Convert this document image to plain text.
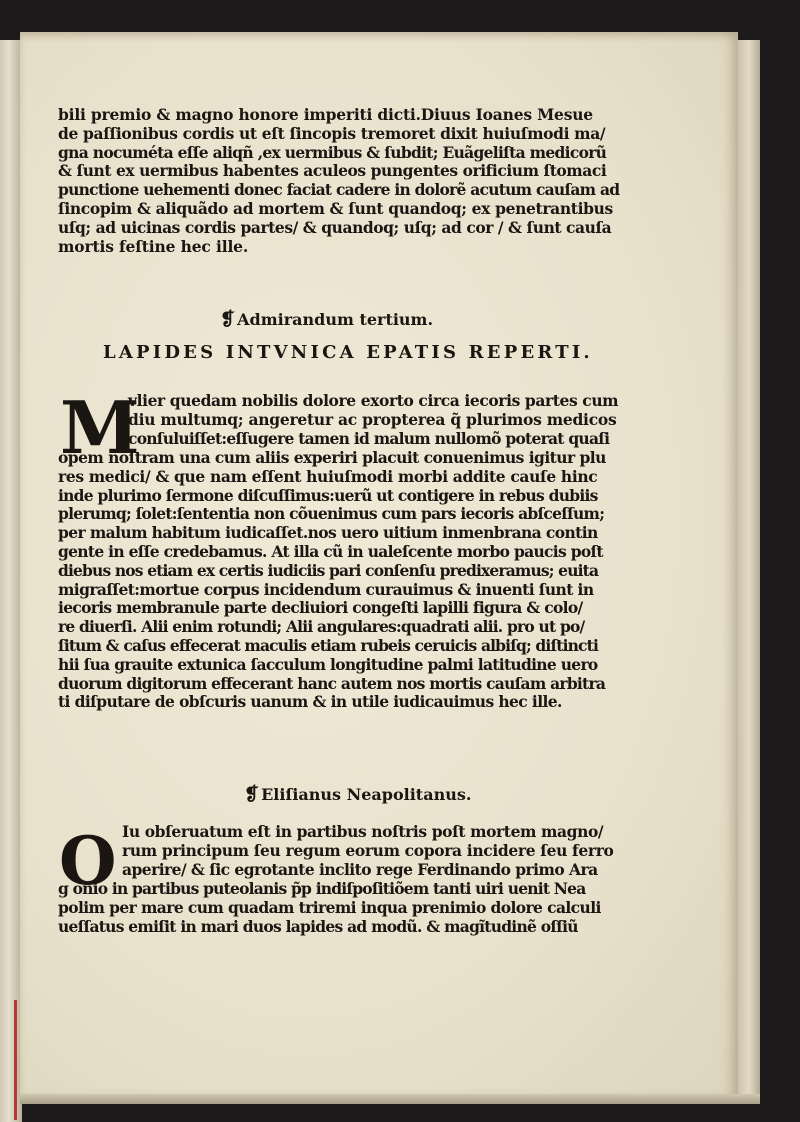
bili premio & magno honore imperiti dicti.Diuus Ioanes Mesue
de paſſionibus cordis ut eſt ſincopis tremoret dixit huiuſmodi ma/
gna nocuméta eſſe aliqñ ,ex uermibus & ſubdit; Euãgeliſta medicorũ
& ſunt ex uermibus habentes aculeos pungentes orificium ſtomaci
punctione uehementi donec faciat cadere in dolorẽ acutum cauſam ad
ſincopim & aliquãdo ad mortem & ſunt quandoq; ex penetrantibus
uſq; ad uicinas cordis partes/ & quandoq; uſq; ad cor / & ſunt cauſa
mortis feſtine hec ille.
❡ Admirandum tertium.
LAPIDES INTVNICA EPATIS REPERTI.
M
vlier quedam nobilis dolore exorto circa iecoris partes cum
diu multumq; angeretur ac propterea q̃ plurimos medicos
conſuluiſſet:eſſugere tamen id malum nullomõ poterat quaſi
opem noſtram una cum aliis experiri placuit conuenimus igitur plu
res medici/ & que nam eſſent huiuſmodi morbi addite cauſe hinc
inde plurimo ſermone diſcuſſimus:uerũ ut contigere in rebus dubiis
plerumq; ſolet:ſententia non cõuenimus cum pars iecoris abſceſſum;
per malum habitum iudicaſſet.nos uero uitium inmenbrana contin
gente in eſſe credebamus. At illa cũ in ualeſcente morbo paucis poſt
diebus nos etiam ex certis iudiciis pari conſenſu predixeramus; euita
migraſſet:mortue corpus incidendum curauimus & inuenti ſunt in
iecoris membranule parte decliuiori congeſti lapilli figura & colo/
re diuerſi. Alii enim rotundi; Alii angulares:quadrati alii. pro ut po/
ſitum & caſus effecerat maculis etiam rubeis ceruicis albiſq; diſtincti
hii ſua grauite extunica ſacculum longitudine palmi latitudine uero
duorum digitorum effecerant hanc autem nos mortis cauſam arbitra
ti diſputare de obſcuris uanum & in utile iudicauimus hec ille.
❡ Eliſianus Neapolitanus.
O Iu obſeruatum eſt in partibus noſtris poſt mortem magno/
rum principum ſeu regum eorum copora incidere ſeu ferro
aperire/ & ſic egrotante inclito rege Ferdinando primo Ara
g onio in partibus puteolanis p̃p indiſpoſitiõem tanti uiri uenit Nea
polim per mare cum quadam triremi inqua prenimio dolore calculi
ueſſatus emiſit in mari duos lapides ad modũ. & magĩtudinẽ oſſiũ
